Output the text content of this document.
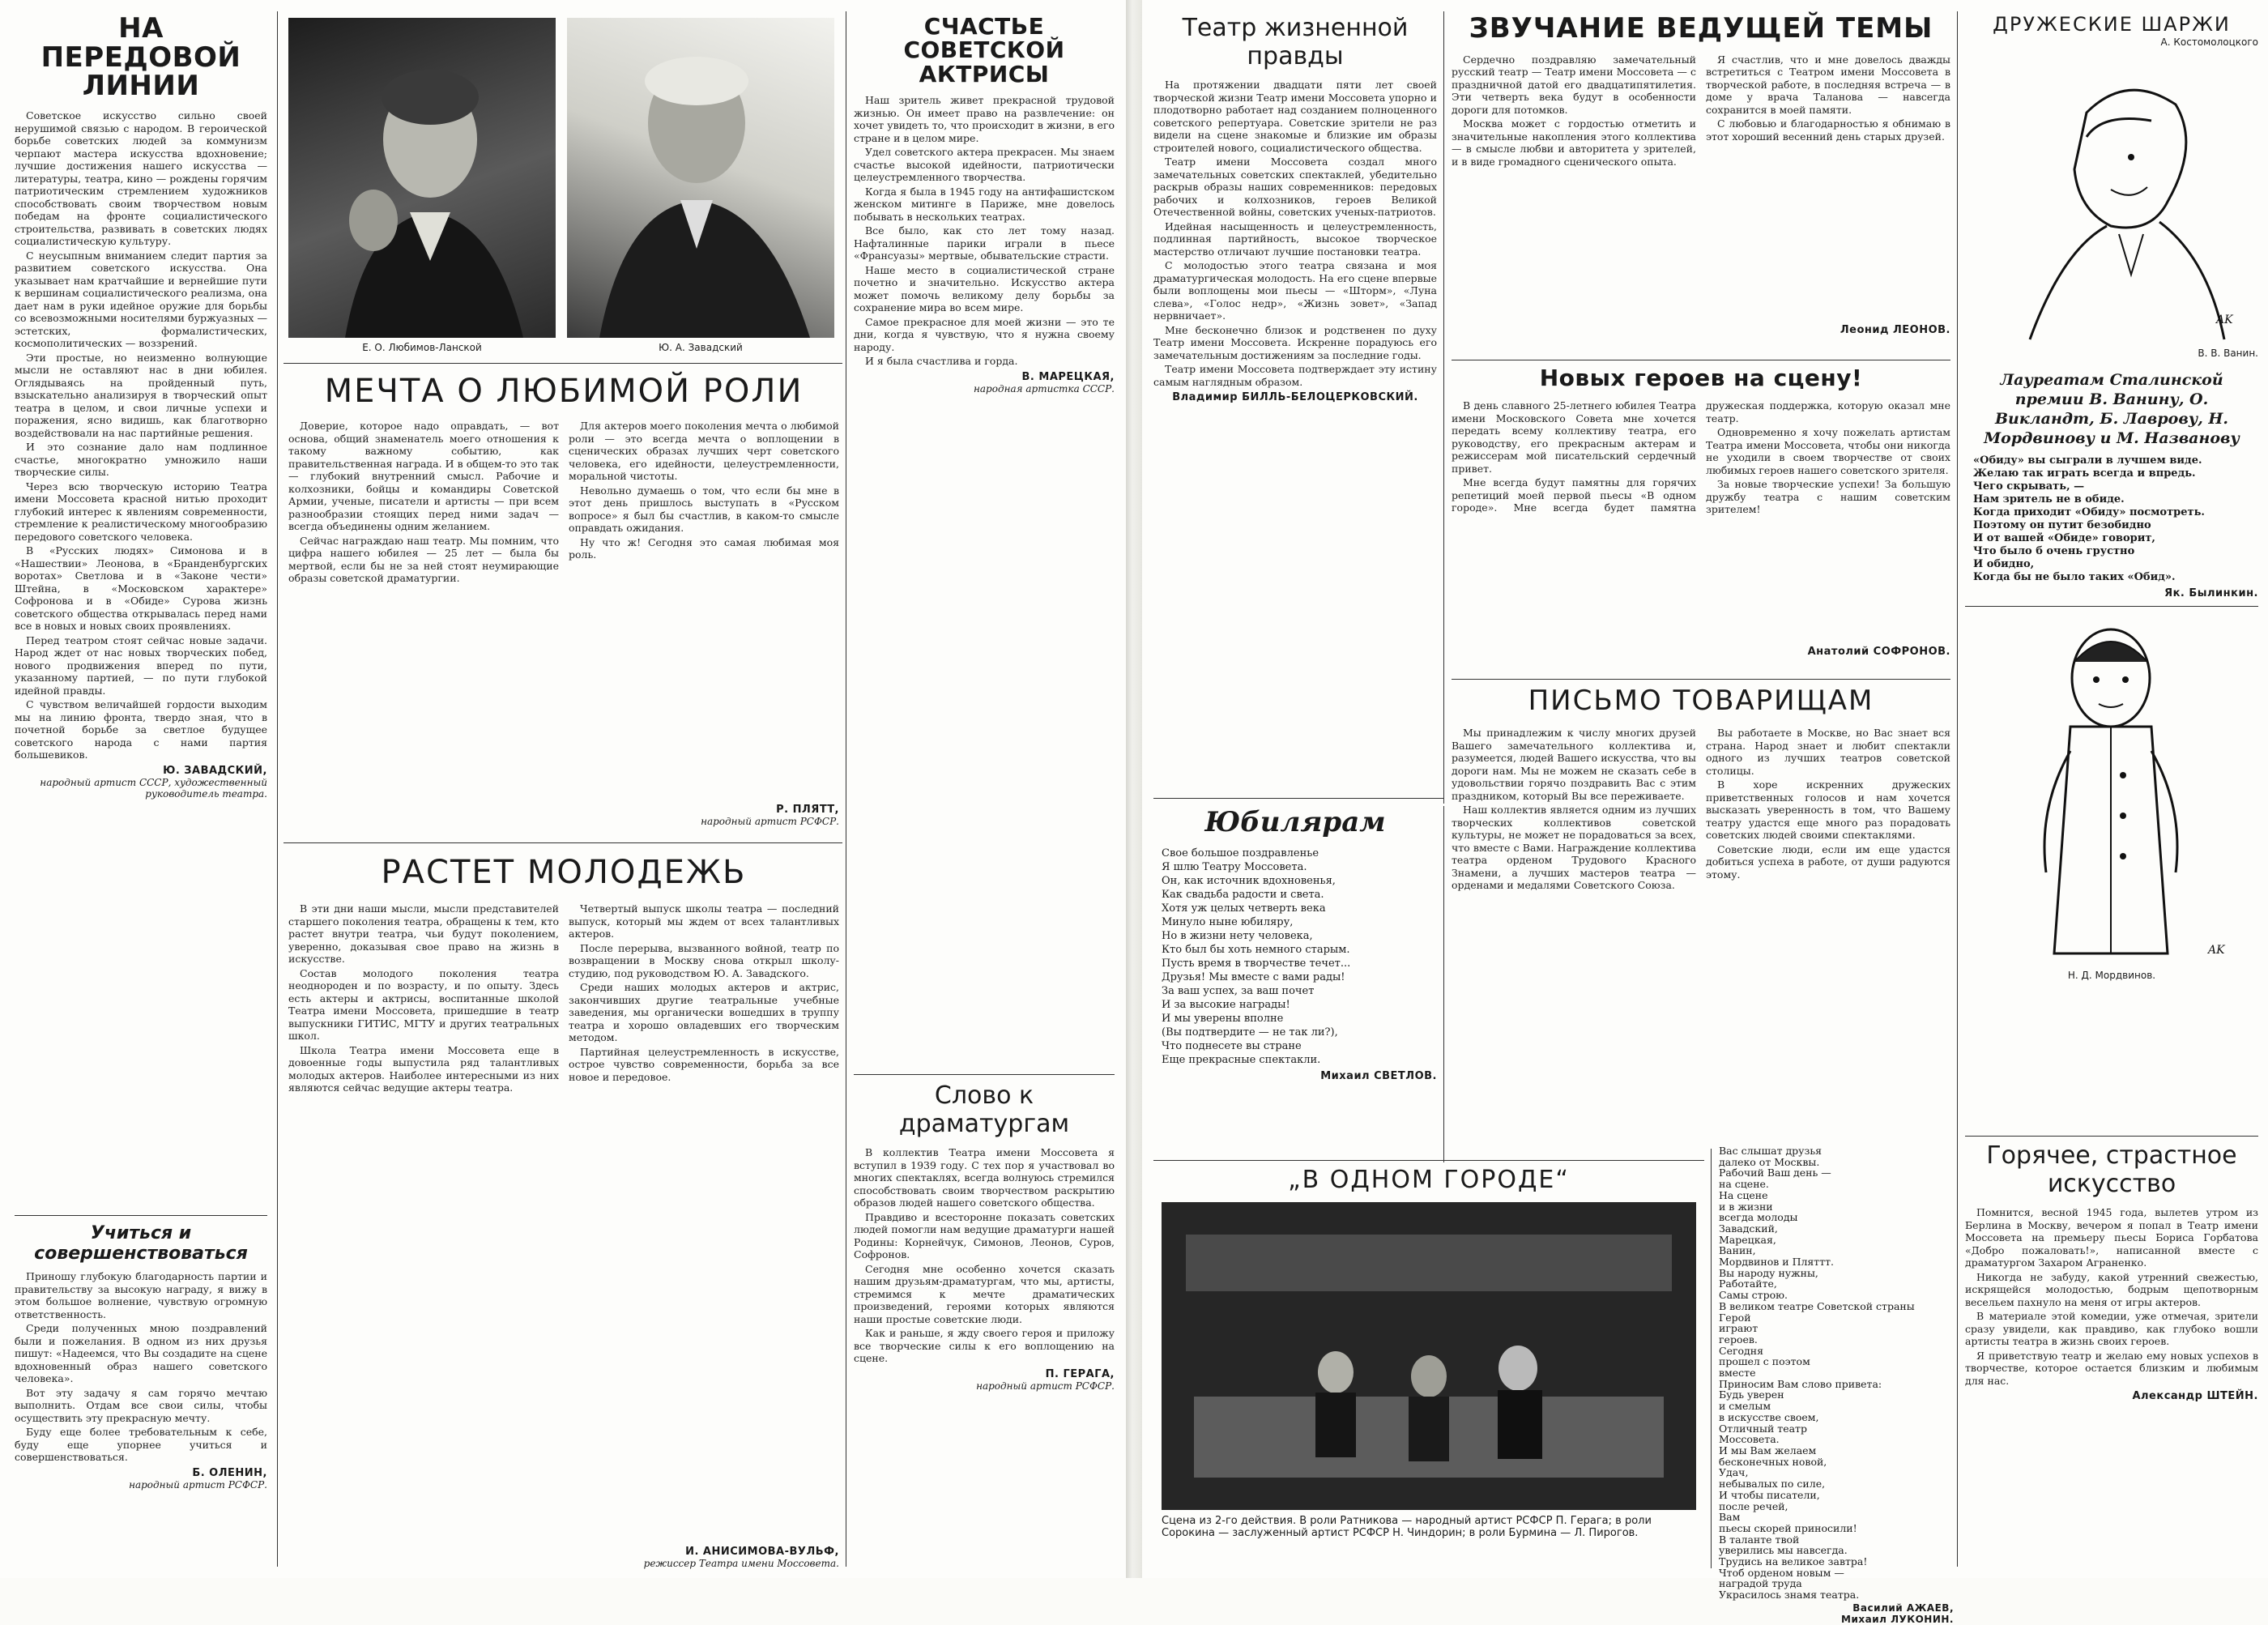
НА ПЕРЕДОВОЙ ЛИНИИ

Советское искусство сильно своей нерушимой связью с народом. В героической борьбе советских людей за коммунизм черпают мастера искусства вдохновение; лучшие достижения нашего искусства — литературы, театра, кино — рождены горячим патриотическим стремлением художников способствовать своим творчеством новым победам на фронте социалистического строительства, развивать в советских людях социалистическую культуру.

С неусыпным вниманием следит партия за развитием советского искусства. Она указывает нам кратчайшие и вернейшие пути к вершинам социалистического реализма, она дает нам в руки идейное оружие для борьбы со всевозможными носителями буржуазных — эстетских, формалистических, космополитических — воззрений.

Эти простые, но неизменно волнующие мысли не оставляют нас в дни юбилея. Оглядываясь на пройденный путь, взыскательно анализируя в творческий опыт театра в целом, и свои личные успехи и поражения, ясно видишь, как благотворно воздействовали на нас партийные решения.

И это сознание дало нам подлинное счастье, многократно умножило наши творческие силы.

Через всю творческую историю Театра имени Моссовета красной нитью проходит глубокий интерес к явлениям современности, стремление к реалистическому многообразию передового советского человека.

В «Русских людях» Симонова и в «Нашествии» Леонова, в «Бранденбургских воротах» Светлова и в «Законе чести» Штейна, в «Московском характере» Софронова и в «Обиде» Сурова жизнь советского общества открывалась перед нами все в новых и новых своих проявлениях.

Перед театром стоят сейчас новые задачи. Народ ждет от нас новых творческих побед, нового продвижения вперед по пути, указанному партией, — по пути глубокой идейной правды.

С чувством величайшей гордости выходим мы на линию фронта, твердо зная, что в почетной борьбе за светлое будущее советского народа с нами партия большевиков.

Ю. ЗАВАДСКИЙ,

народный артист СССР, художественный руководитель театра.

Учиться и совершенствоваться

Приношу глубокую благодарность партии и правительству за высокую награду, я вижу в этом большое волнение, чувствую огромную ответственность.

Среди полученных мною поздравлений были и пожелания. В одном из них друзья пишут: «Надеемся, что Вы создадите на сцене вдохновенный образ нашего советского человека».

Вот эту задачу я сам горячо мечтаю выполнить. Отдам все свои силы, чтобы осуществить эту прекрасную мечту.

Буду еще более требовательным к себе, буду еще упорнее учиться и совершенствоваться.

Б. ОЛЕНИН,

народный артист РСФСР.

Е. О. Любимов-Ланской	Ю. А. Завадский

МЕЧТА О ЛЮБИМОЙ РОЛИ

Доверие, которое надо оправдать, — вот основа, общий знаменатель моего отношения к такому важному событию, как правительственная награда. И в общем-то это так — глубокий внутренний смысл. Рабочие и колхозники, бойцы и командиры Советской Армии, ученые, писатели и артисты — при всем разнообразии стоящих перед ними задач — всегда объединены одним желанием.

Сейчас награждаю наш театр. Мы помним, что цифра нашего юбилея — 25 лет — была бы мертвой, если бы не за ней стоят неумирающие образы советской драматургии.

Для актеров моего поколения мечта о любимой роли — это всегда мечта о воплощении в сценических образах лучших черт советского человека, его идейности, целеустремленности, моральной чистоты.

Невольно думаешь о том, что если бы мне в этот день пришлось выступать в «Русском вопросе» я был бы счастлив, в каком-то смысле оправдать ожидания.

Ну что ж! Сегодня это самая любимая моя роль.

Р. ПЛЯТТ,

народный артист РСФСР.

РАСТЕТ МОЛОДЕЖЬ

В эти дни наши мысли, мысли представителей старшего поколения театра, обращены к тем, кто растет внутри театра, чьи будут поколением, уверенно, доказывая свое право на жизнь в искусстве.

Состав молодого поколения театра неоднороден и по возрасту, и по опыту. Здесь есть актеры и актрисы, воспитанные школой Театра имени Моссовета, пришедшие в театр выпускники ГИТИС, МГТУ и других театральных школ.

Школа Театра имени Моссовета еще в довоенные годы выпустила ряд талантливых молодых актеров. Наиболее интересными из них являются сейчас ведущие актеры театра.

Четвертый выпуск школы театра — последний выпуск, который мы ждем от всех талантливых актеров.

После перерыва, вызванного войной, театр по возвращении в Москву снова открыл школу-студию, под руководством Ю. А. Завадского.

Среди наших молодых актеров и актрис, закончивших другие театральные учебные заведения, мы органически вошедших в труппу театра и хорошо овладевших его творческим методом.

Партийная целеустремленность в искусстве, острое чувство современности, борьба за все новое и передовое.

И. АНИСИМОВА-ВУЛЬФ,

режиссер Театра имени Моссовета.

СЧАСТЬЕ СОВЕТСКОЙ АКТРИСЫ

Наш зритель живет прекрасной трудовой жизнью. Он имеет право на развлечение: он хочет увидеть то, что происходит в жизни, в его стране и в целом мире.

Удел советского актера прекрасен. Мы знаем счастье высокой идейности, патриотически целеустремленного творчества.

Когда я была в 1945 году на антифашистском женском митинге в Париже, мне довелось побывать в нескольких театрах.

Все было, как сто лет тому назад. Нафталинные парики играли в пьесе «Франсуазы» мертвые, обывательские страсти.

Наше место в социалистической стране почетно и значительно. Искусство актера может помочь великому делу борьбы за сохранение мира во всем мире.

Самое прекрасное для моей жизни — это те дни, когда я чувствую, что я нужна своему народу.

И я была счастлива и горда.

В. МАРЕЦКАЯ,

народная артистка СССР.

Слово к драматургам

В коллектив Театра имени Моссовета я вступил в 1939 году. С тех пор я участвовал во многих спектаклях, всегда волнуюсь стремился способствовать своим творчеством раскрытию образов людей нашего советского общества.

Правдиво и всесторонне показать советских людей помогли нам ведущие драматурги нашей Родины: Корнейчук, Симонов, Леонов, Суров, Софронов.

Сегодня мне особенно хочется сказать нашим друзьям-драматургам, что мы, артисты, стремимся к мечте драматических произведений, героями которых являются наши простые советские люди.

Как и раньше, я жду своего героя и приложу все творческие силы к его воплощению на сцене.

П. ГЕРАГА,

народный артист РСФСР.

Театр жизненной правды

На протяжении двадцати пяти лет своей творческой жизни Театр имени Моссовета упорно и плодотворно работает над созданием полноценного советского репертуара. Советские зрители не раз видели на сцене знакомые и близкие им образы строителей нового, социалистического общества.

Театр имени Моссовета создал много замечательных советских спектаклей, убедительно раскрыв образы наших современников: передовых рабочих и колхозников, героев Великой Отечественной войны, советских ученых-патриотов.

Идейная насыщенность и целеустремленность, подлинная партийность, высокое творческое мастерство отличают лучшие постановки театра.

С молодостью этого театра связана и моя драматургическая молодость. На его сцене впервые были воплощены мои пьесы — «Шторм», «Луна слева», «Голос недр», «Жизнь зовет», «Запад нервничает».

Мне бесконечно близок и родственен по духу Театр имени Моссовета. Искренне порадуюсь его замечательным достижениям за последние годы.

Театр имени Моссовета подтверждает эту истину самым наглядным образом.

Владимир БИЛЛЬ-БЕЛОЦЕРКОВСКИЙ.

ЗВУЧАНИЕ ВЕДУЩЕЙ ТЕМЫ

Сердечно поздравляю замечательный русский театр — Театр имени Моссовета — с праздничной датой его двадцатипятилетия. Эти четверть века будут в особенности дороги для потомков.

Москва может с гордостью отметить и значительные накопления этого коллектива — в смысле любви и авторитета у зрителей, и в виде громадного сценического опыта.

Я счастлив, что и мне довелось дважды встретиться с Театром имени Моссовета в творческой работе, в последняя встреча — в доме у врача Таланова — навсегда сохранится в моей памяти.

С любовью и благодарностью я обнимаю в этот хороший весенний день старых друзей.

Леонид ЛЕОНОВ.

Новых героев на сцену!

В день славного 25-летнего юбилея Театра имени Московского Совета мне хочется передать всему коллективу театра, его руководству, его прекрасным актерам и режиссерам мой писательский сердечный привет.

Мне всегда будут памятны для горячих репетиций моей первой пьесы «В одном городе». Мне всегда будет памятна дружеская поддержка, которую оказал мне театр.

Одновременно я хочу пожелать артистам Театра имени Моссовета, чтобы они никогда не уходили в своем творчестве от своих любимых героев нашего советского зрителя.

За новые творческие успехи! За большую дружбу театра с нашим советским зрителем!

Анатолий СОФРОНОВ.

ПИСЬМО ТОВАРИЩАМ

Мы принадлежим к числу многих друзей Вашего замечательного коллектива и, разумеется, людей Вашего искусства, что вы дороги нам. Мы не можем не сказать себе в удовольствии горячо поздравить Вас с этим праздником, который Вы все переживаете.

Наш коллектив является одним из лучших творческих коллективов советской культуры, не может не порадоваться за всех, что вместе с Вами. Награждение коллектива театра орденом Трудового Красного Знамени, а лучших мастеров театра — орденами и медалями Советского Союза.

Вы работаете в Москве, но Вас знает вся страна. Народ знает и любит спектакли одного из лучших театров советской столицы.

В хоре искренних дружеских приветственных голосов и нам хочется высказать уверенность в том, что Вашему театру удастся еще много раз порадовать советских людей своими спектаклями.

Советские люди, если им еще удастся добиться успеха в работе, от души радуются этому.

Юбилярам

Свое большое поздравленье
Я шлю Театру Моссовета.
Он, как источник вдохновенья,
Как свадьба радости и света.
Хотя уж целых четверть века
Минуло ныне юбиляру,
Но в жизни нету человека,
Кто был бы хоть немного старым.
Пусть время в творчестве течет...
Друзья! Мы вместе с вами рады!
За ваш успех, за ваш почет
И за высокие награды!
И мы уверены вполне
(Вы подтвердите — не так ли?),
Что поднесете вы стране
Еще прекрасные спектакли.

Михаил СВЕТЛОВ.

„В ОДНОМ ГОРОДЕ“

Сцена из 2-го действия. В роли Ратникова — народный артист РСФСР П. Герага; в роли Сорокина — заслуженный артист РСФСР Н. Чиндорин; в роли Бурмина — Л. Пирогов.

Вас слышат друзья
далеко от Москвы.
Рабочий Ваш день —
на сцене.
На сцене
и в жизни
всегда молоды
Завадский,
Марецкая,
Ванин,
Мордвинов и Пляттт.
Вы народу нужны,
Работайте,
Самы строю.
В великом театре Советской страны
Герой
играют
героев.
Сегодня
прошел с поэтом
вместе
Приносим Вам слово привета:
Будь уверен
и смелым
в искусстве своем,
Отличный театр
Моссовета.
И мы Вам желаем
бесконечных новой,
Удач,
небывалых по силе,
И чтобы писатели,
после речей,
Вам
пьесы скорей приносили!
В таланте твой
уверились мы навсегда.
Трудись на великое завтра!
Чтоб орденом новым —
наградой труда
Украсилось знамя театра.

Василий АЖАЕВ,
Михаил ЛУКОНИН.

ДРУЖЕСКИЕ ШАРЖИ

А. Костомолоцкого

AK

В. В. Ванин.

Лауреатам Сталинской премии В. Ванину, О. Викландт, Б. Лаврову, Н. Мордвинову и М. Названову

«Обиду» вы сыграли в лучшем виде.
Желаю так играть всегда и впредь.
Чего скрывать, —
Нам зритель не в обиде.
Когда приходит «Обиду» посмотреть.
Поэтому он путит безобидно
И от вашей «Обиде» говорит,
Что было б очень грустно
И обидно,
Когда бы не было таких «Обид».

Як. Былинкин.

AK

Н. Д. Мордвинов.

Горячее, страстное искусство

Помнится, весной 1945 года, вылетев утром из Берлина в Москву, вечером я попал в Театр имени Моссовета на премьеру пьесы Бориса Горбатова «Добро пожаловать!», написанной вместе с драматургом Захаром Аграненко.

Никогда не забуду, какой утренний свежестью, искрящейся молодостью, бодрым щепотворным весельем пахнуло на меня от игры актеров.

В материале этой комедии, уже отмечая, зрители сразу увидели, как правдиво, как глубоко вошли артисты театра в жизнь своих героев.

Я приветствую театр и желаю ему новых успехов в творчестве, которое остается близким и любимым для нас.

Александр ШТЕЙН.
